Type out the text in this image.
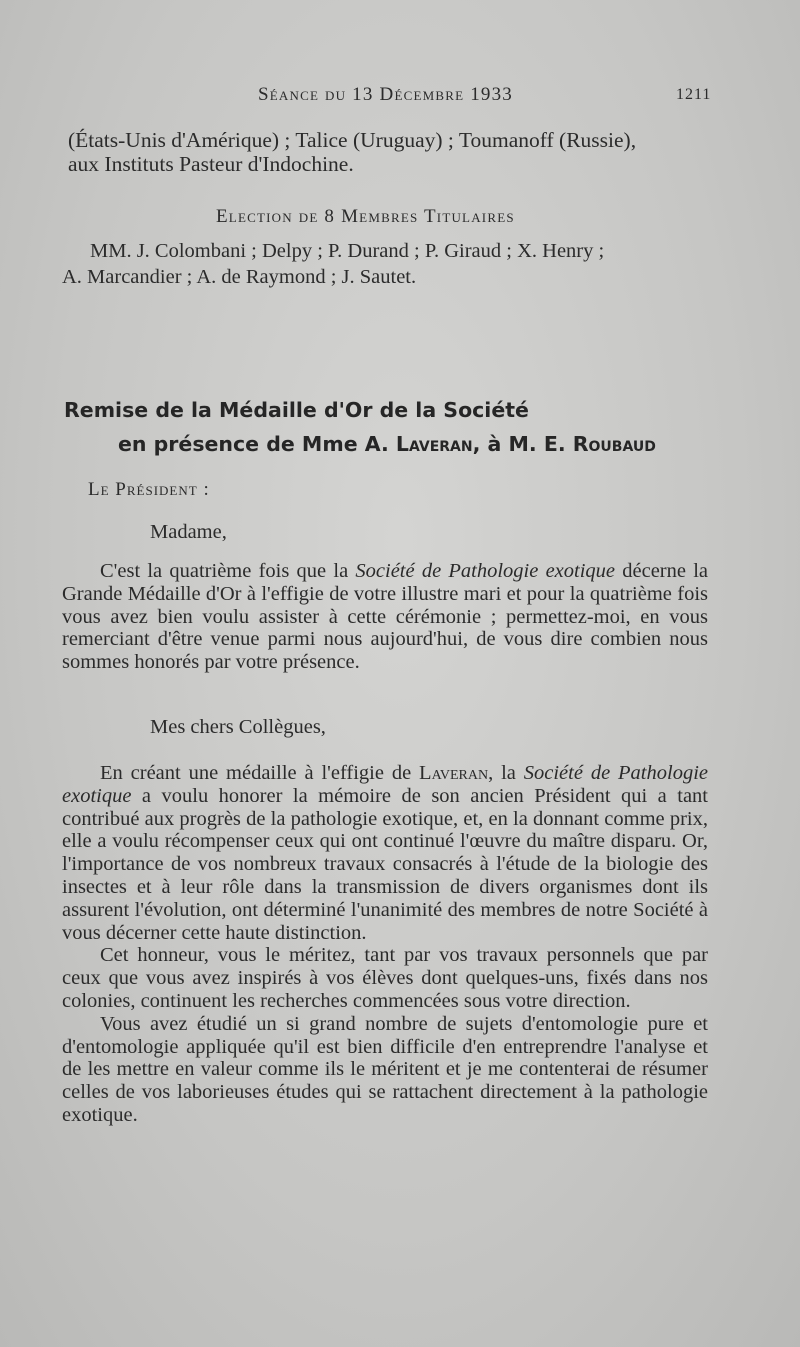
Séance du 13 Décembre 1933	1211
(États-Unis d'Amérique) ; Talice (Uruguay) ; Toumanoff (Russie),
aux Instituts Pasteur d'Indochine.
Election de 8 Membres Titulaires
MM. J. Colombani ; Delpy ; P. Durand ; P. Giraud ; X. Henry ;
A. Marcandier ; A. de Raymond ; J. Sautet.
Remise de la Médaille d'Or de la Société
en présence de Mme A. Laveran, à M. E. Roubaud
Le Président :
Madame,

C'est la quatrième fois que la Société de Pathologie exotique décerne la Grande Médaille d'Or à l'effigie de votre illustre mari et pour la quatrième fois vous avez bien voulu assister à cette cérémonie ; permettez-moi, en vous remerciant d'être venue parmi nous aujourd'hui, de vous dire combien nous sommes honorés par votre présence.

Mes chers Collègues,

En créant une médaille à l'effigie de Laveran, la Société de Pathologie exotique a voulu honorer la mémoire de son ancien Président qui a tant contribué aux progrès de la pathologie exotique, et, en la donnant comme prix, elle a voulu récompenser ceux qui ont continué l'œuvre du maître disparu. Or, l'importance de vos nombreux travaux consacrés à l'étude de la biologie des insectes et à leur rôle dans la transmission de divers organismes dont ils assurent l'évolution, ont déterminé l'unanimité des membres de notre Société à vous décerner cette haute distinction.

Cet honneur, vous le méritez, tant par vos travaux personnels que par ceux que vous avez inspirés à vos élèves dont quelques-uns, fixés dans nos colonies, continuent les recherches commencées sous votre direction.

Vous avez étudié un si grand nombre de sujets d'entomologie pure et d'entomologie appliquée qu'il est bien difficile d'en entreprendre l'analyse et de les mettre en valeur comme ils le méritent et je me contenterai de résumer celles de vos laborieuses études qui se rattachent directement à la pathologie exotique.
